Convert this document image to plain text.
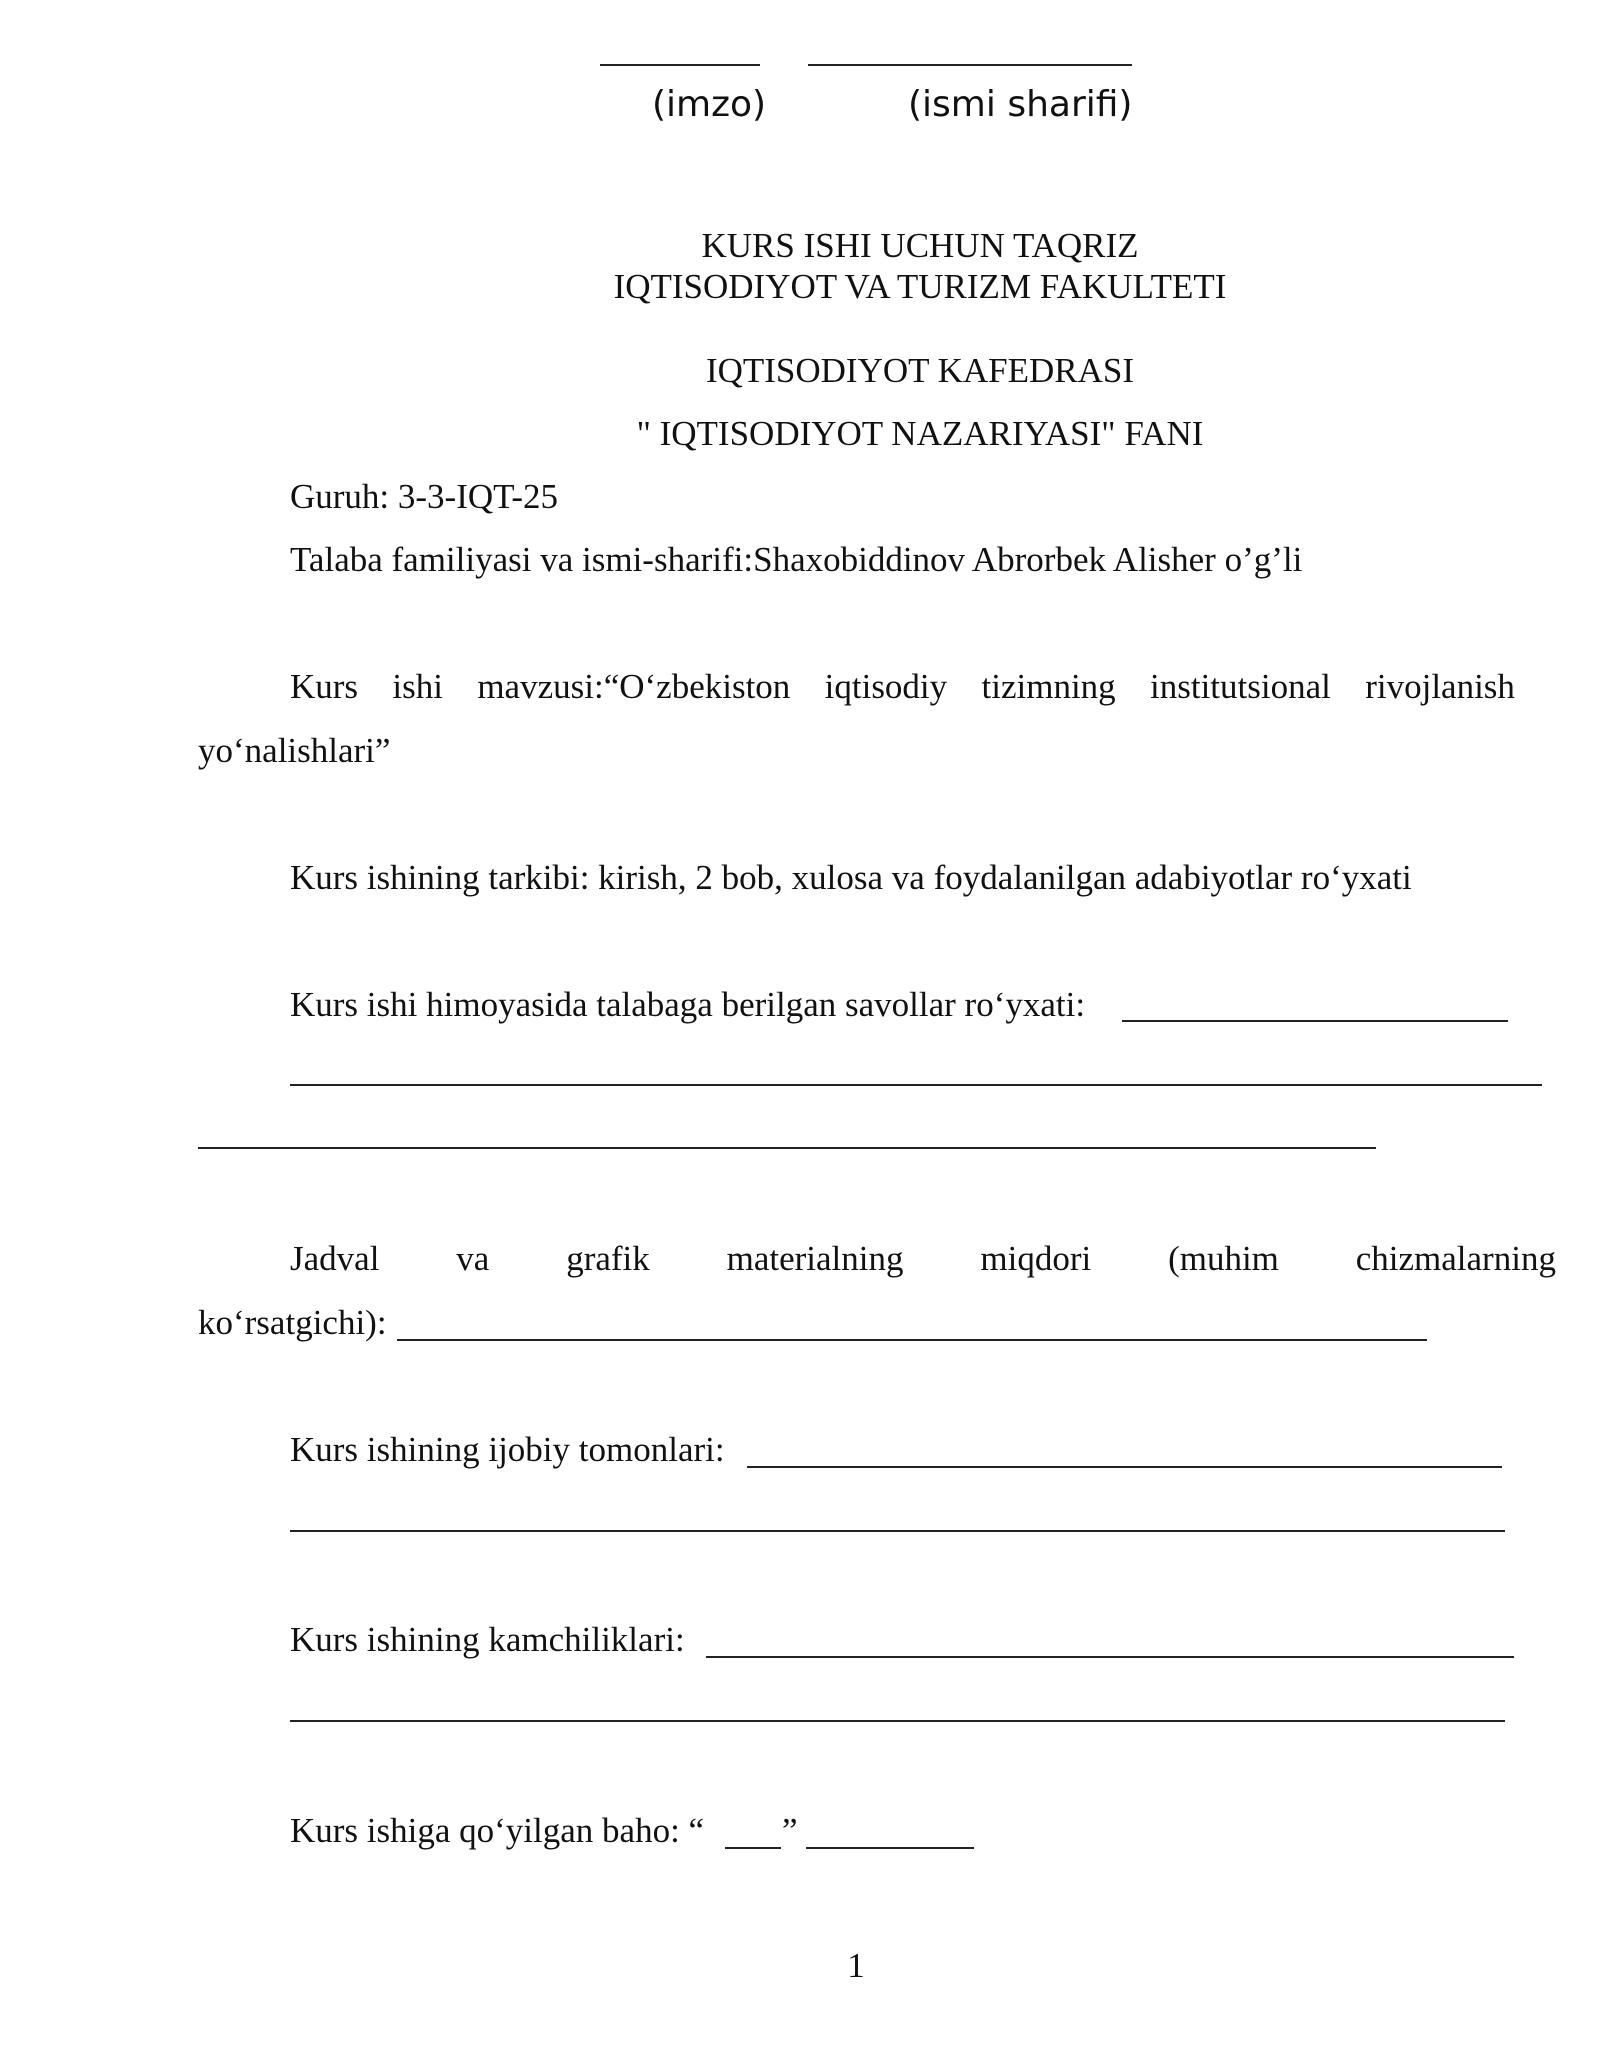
(imzo)	(ismi sharifi)
KURS ISHI UCHUN TAQRIZ
IQTISODIYOT VA TURIZM FAKULTETI
IQTISODIYOT KAFEDRASI
" IQTISODIYOT NAZARIYASI" FANI
Guruh: 3-3-IQT-25
Talaba familiyasi va ismi-sharifi:Shaxobiddinov Abrorbek Alisher o’g’li
Kurs ishi mavzusi:“O‘zbekiston iqtisodiy tizimning institutsional rivojlanish
yo‘nalishlari”
Kurs ishining tarkibi: kirish, 2 bob, xulosa va foydalanilgan adabiyotlar ro‘yxati
Kurs ishi himoyasida talabaga berilgan savollar ro‘yxati:
Jadval va grafik materialning miqdori (muhim chizmalarning
ko‘rsatgichi):
Kurs ishining ijobiy tomonlari:
Kurs ishining kamchiliklari:
Kurs ishiga qo‘yilgan baho: “ ”
1
